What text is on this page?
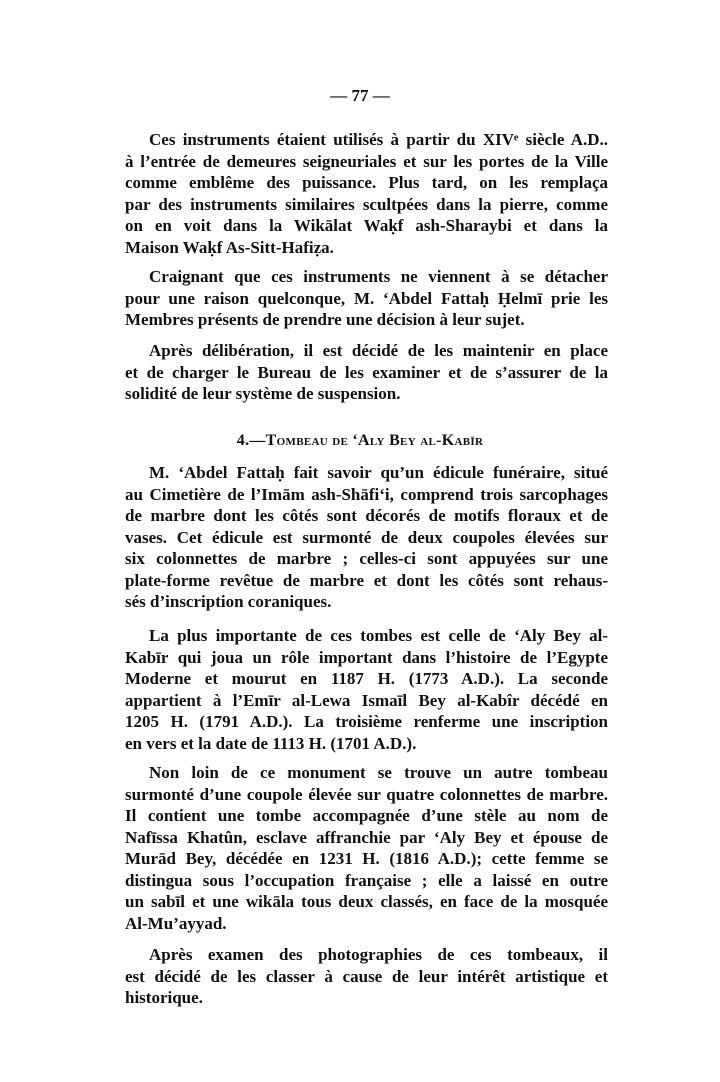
— 77 —
4.—Tombeau de ‘Aly Bey al-Kabīr
Ces instruments étaient utilisés à partir du XIVᵉ siècle A.D..
à l’entrée de demeures seigneuriales et sur les portes de la Ville
comme emblême des puissance. Plus tard, on les remplaça
par des instruments similaires scultpées dans la pierre, comme
on en voit dans la Wikālat Waḳf ash-Sharaybi et dans la
Maison Waḳf As-Sitt-Hafiẓa.
Craignant que ces instruments ne viennent à se détacher
pour une raison quelconque, M. ‘Abdel Fattaḥ Ḥelmī prie les
Membres présents de prendre une décision à leur sujet.
Après délibération, il est décidé de les maintenir en place
et de charger le Bureau de les examiner et de s’assurer de la
solidité de leur système de suspension.
M. ‘Abdel Fattaḥ fait savoir qu’un édicule funéraire, situé
au Cimetière de l’Imām ash-Shāfi‘i, comprend trois sarcophages
de marbre dont les côtés sont décorés de motifs floraux et de
vases. Cet édicule est surmonté de deux coupoles élevées sur
six colonnettes de marbre ; celles-ci sont appuyées sur une
plate-forme revêtue de marbre et dont les côtés sont rehaus-
sés d’inscription coraniques.
La plus importante de ces tombes est celle de ‘Aly Bey al-
Kabīr qui joua un rôle important dans l’histoire de l’Egypte
Moderne et mourut en 1187 H. (1773 A.D.). La seconde
appartient à l’Emīr al-Lewa Ismaīl Bey al-Kabîr décédé en
1205 H. (1791 A.D.). La troisième renferme une inscription
en vers et la date de 1113 H. (1701 A.D.).
Non loin de ce monument se trouve un autre tombeau
surmonté d’une coupole élevée sur quatre colonnettes de marbre.
Il contient une tombe accompagnée d’une stèle au nom de
Nafīssa Khatûn, esclave affranchie par ‘Aly Bey et épouse de
Murād Bey, décédée en 1231 H. (1816 A.D.); cette femme se
distingua sous l’occupation française ; elle a laissé en outre
un sabīl et une wikāla tous deux classés, en face de la mosquée
Al-Mu’ayyad.
Après examen des photographies de ces tombeaux, il
est décidé de les classer à cause de leur intérêt artistique et
historique.
